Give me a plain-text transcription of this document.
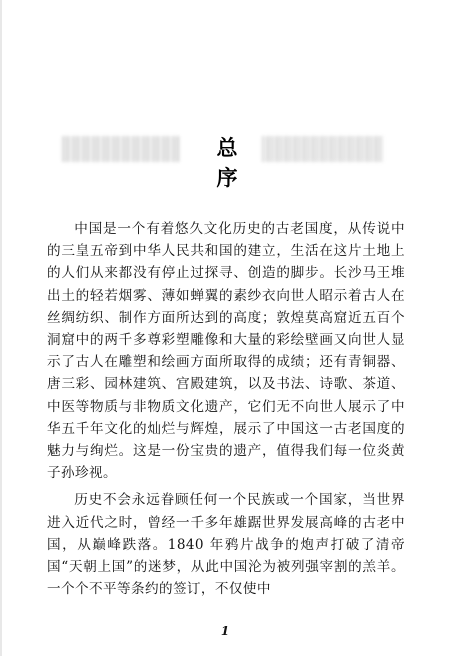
总 序

中国是一个有着悠久文化历史的古老国度，从传说中的三皇五帝到中华人民共和国的建立，生活在这片土地上的人们从来都没有停止过探寻、创造的脚步。长沙马王堆出土的轻若烟雾、薄如蝉翼的素纱衣向世人昭示着古人在丝绸纺织、制作方面所达到的高度；敦煌莫高窟近五百个洞窟中的两千多尊彩塑雕像和大量的彩绘壁画又向世人显示了古人在雕塑和绘画方面所取得的成绩；还有青铜器、唐三彩、园林建筑、宫殿建筑，以及书法、诗歌、茶道、中医等物质与非物质文化遗产，它们无不向世人展示了中华五千年文化的灿烂与辉煌，展示了中国这一古老国度的魅力与绚烂。这是一份宝贵的遗产，值得我们每一位炎黄子孙珍视。

历史不会永远眷顾任何一个民族或一个国家，当世界进入近代之时，曾经一千多年雄踞世界发展高峰的古老中国，从巅峰跌落。1840 年鸦片战争的炮声打破了清帝国“天朝上国”的迷梦，从此中国沦为被列强宰割的羔羊。一个个不平等条约的签订，不仅使中

1
